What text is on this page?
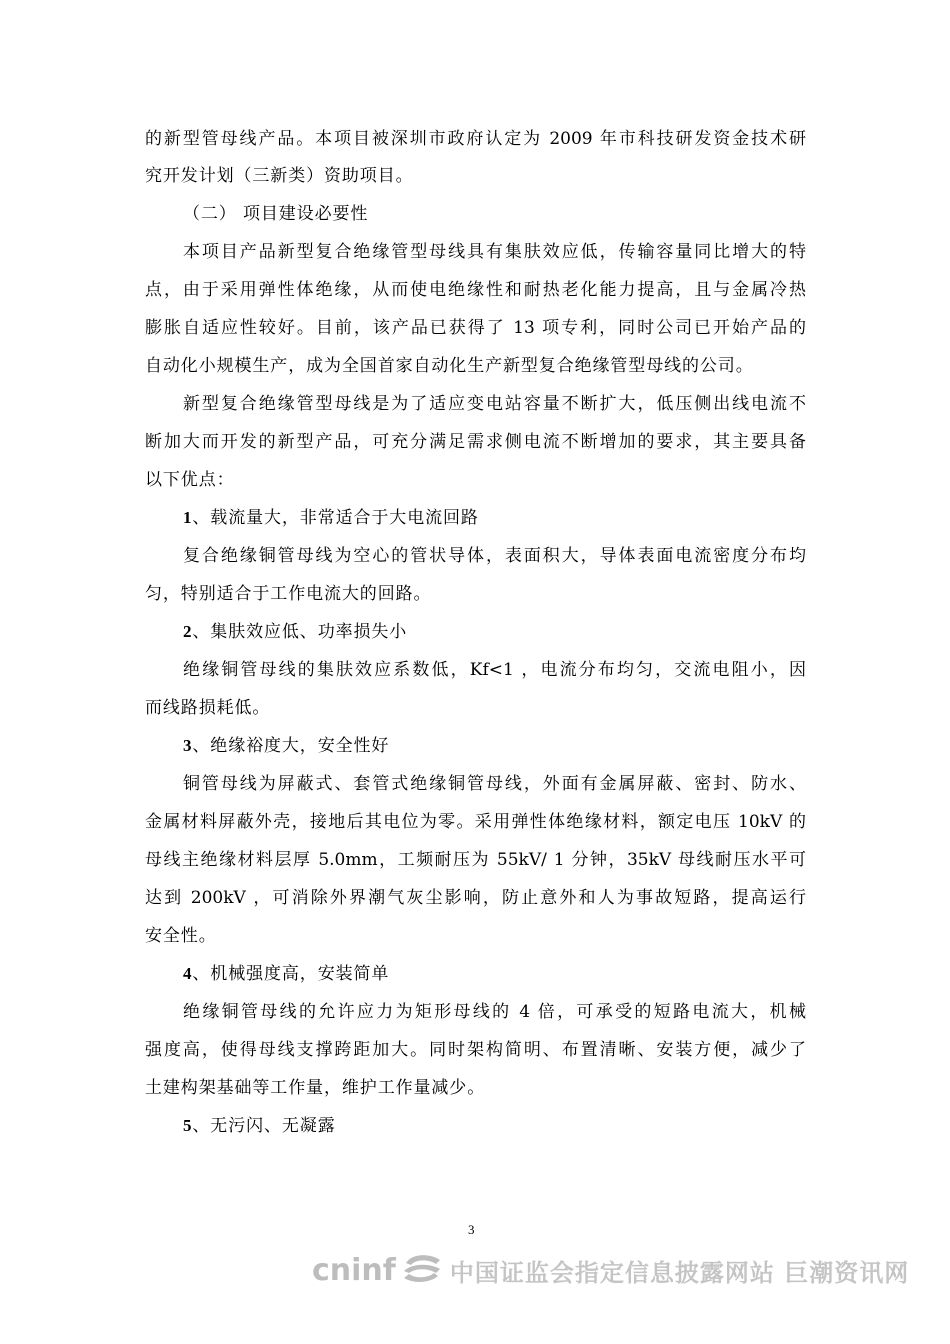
的新型管母线产品。本项目被深圳市政府认定为 2009 年市科技研发资金技术研
究开发计划（三新类）资助项目。
（二） 项目建设必要性
本项目产品新型复合绝缘管型母线具有集肤效应低，传输容量同比增大的特
点，由于采用弹性体绝缘，从而使电绝缘性和耐热老化能力提高，且与金属冷热
膨胀自适应性较好。目前，该产品已获得了 13 项专利，同时公司已开始产品的
自动化小规模生产，成为全国首家自动化生产新型复合绝缘管型母线的公司。
新型复合绝缘管型母线是为了适应变电站容量不断扩大，低压侧出线电流不
断加大而开发的新型产品，可充分满足需求侧电流不断增加的要求，其主要具备
以下优点：
1、载流量大，非常适合于大电流回路
复合绝缘铜管母线为空心的管状导体，表面积大，导体表面电流密度分布均
匀，特别适合于工作电流大的回路。
2、集肤效应低、功率损失小
绝缘铜管母线的集肤效应系数低，Kf<1 ，电流分布均匀，交流电阻小，因
而线路损耗低。
3、绝缘裕度大，安全性好
铜管母线为屏蔽式、套管式绝缘铜管母线，外面有金属屏蔽、密封、防水、
金属材料屏蔽外壳，接地后其电位为零。采用弹性体绝缘材料，额定电压 10kV 的
母线主绝缘材料层厚 5.0mm，工频耐压为 55kV/ 1 分钟，35kV 母线耐压水平可
达到 200kV ，可消除外界潮气灰尘影响，防止意外和人为事故短路，提高运行
安全性。
4、机械强度高，安装简单
绝缘铜管母线的允许应力为矩形母线的 4 倍，可承受的短路电流大，机械
强度高，使得母线支撑跨距加大。同时架构简明、布置清晰、安装方便，减少了
土建构架基础等工作量，维护工作量减少。
5、无污闪、无凝露
3
cninf 中国证监会指定信息披露网站 巨潮资讯网
